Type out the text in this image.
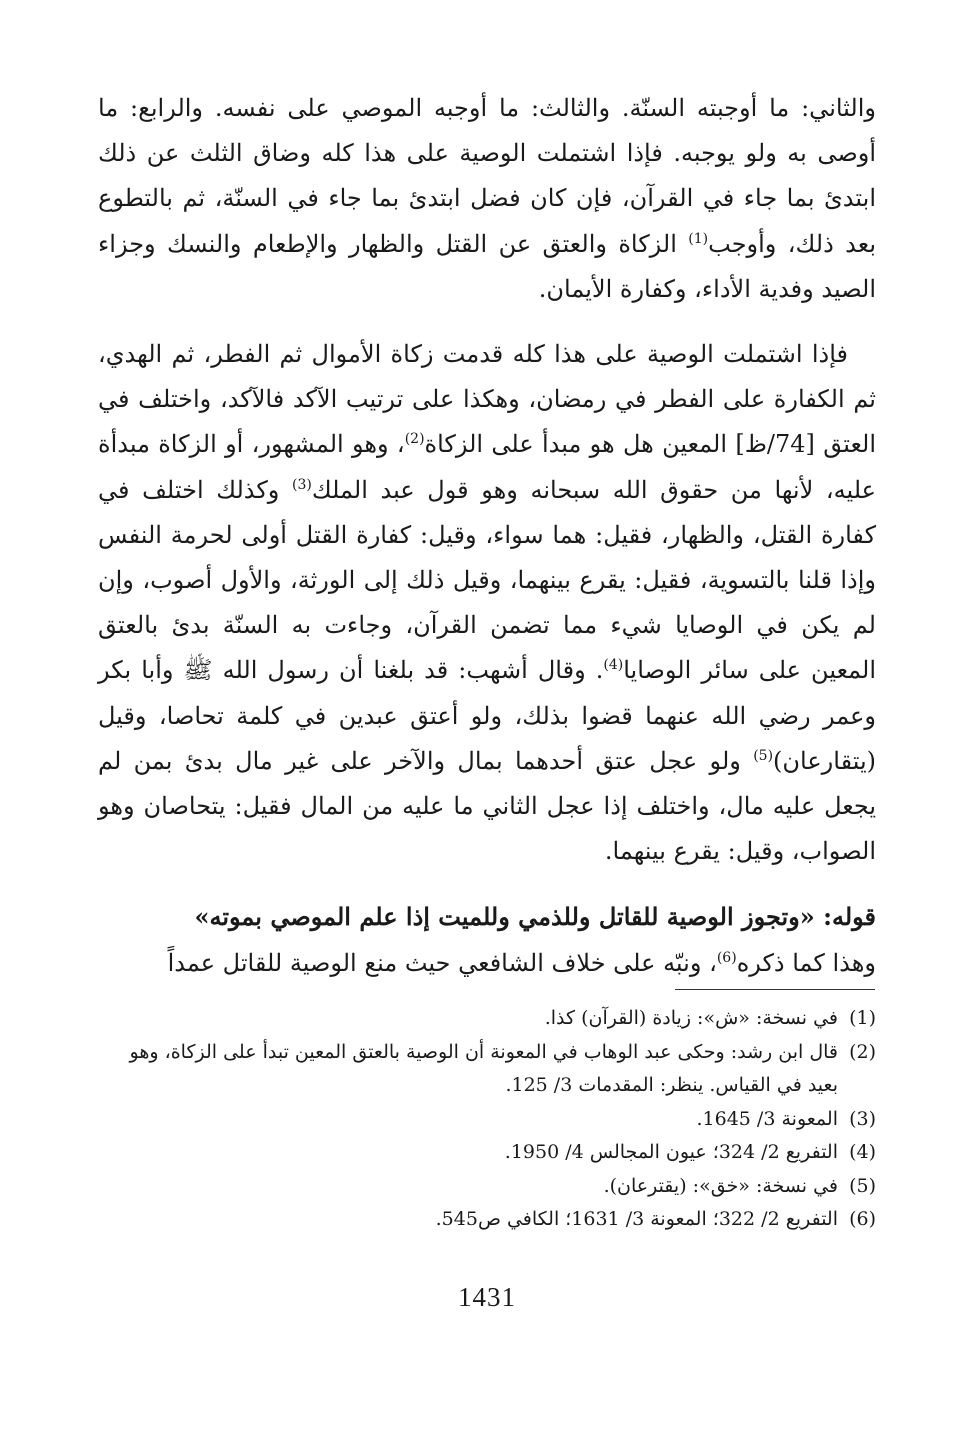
والثاني: ما أوجبته السنّة. والثالث: ما أوجبه الموصي على نفسه. والرابع: ما أوصى به ولو يوجبه. فإذا اشتملت الوصية على هذا كله وضاق الثلث عن ذلك ابتدئ بما جاء في القرآن، فإن كان فضل ابتدئ بما جاء في السنّة، ثم بالتطوع بعد ذلك، وأوجب$^{(1)}$ الزكاة والعتق عن القتل والظهار والإطعام والنسك وجزاء الصيد وفدية الأداء، وكفارة الأيمان.

فإذا اشتملت الوصية على هذا كله قدمت زكاة الأموال ثم الفطر، ثم الهدي، ثم الكفارة على الفطر في رمضان، وهكذا على ترتيب الآكد فالآكد، واختلف في العتق [74/ظ] المعين هل هو مبدأ على الزكاة$^{(2)}$، وهو المشهور، أو الزكاة مبدأة عليه، لأنها من حقوق الله سبحانه وهو قول عبد الملك$^{(3)}$ وكذلك اختلف في كفارة القتل، والظهار، فقيل: هما سواء، وقيل: كفارة القتل أولى لحرمة النفس وإذا قلنا بالتسوية، فقيل: يقرع بينهما، وقيل ذلك إلى الورثة، والأول أصوب، وإن لم يكن في الوصايا شيء مما تضمن القرآن، وجاءت به السنّة بدئ بالعتق المعين على سائر الوصايا$^{(4)}$. وقال أشهب: قد بلغنا أن رسول الله ﷺ وأبا بكر وعمر رضي الله عنهما قضوا بذلك، ولو أعتق عبدين في كلمة تحاصا، وقيل (يتقارعان)$^{(5)}$ ولو عجل عتق أحدهما بمال والآخر على غير مال بدئ بمن لم يجعل عليه مال، واختلف إذا عجل الثاني ما عليه من المال فقيل: يتحاصان وهو الصواب، وقيل: يقرع بينهما.

قوله: «وتجوز الوصية للقاتل وللذمي وللميت إذا علم الموصي بموته»
وهذا كما ذكره$^{(6)}$، ونبّه على خلاف الشافعي حيث منع الوصية للقاتل عمداً

(1)
في نسخة: «ش»: زيادة (القرآن) كذا.

(2)
قال ابن رشد: وحكى عبد الوهاب في المعونة أن الوصية بالعتق المعين تبدأ على الزكاة، وهو بعيد في القياس. ينظر: المقدمات 3/ 125.

(3)
المعونة 3/ 1645.

(4)
التفريع 2/ 324؛ عيون المجالس 4/ 1950.

(5)
في نسخة: «خق»: (يقترعان).

(6)
التفريع 2/ 322؛ المعونة 3/ 1631؛ الكافي ص545.

1431
